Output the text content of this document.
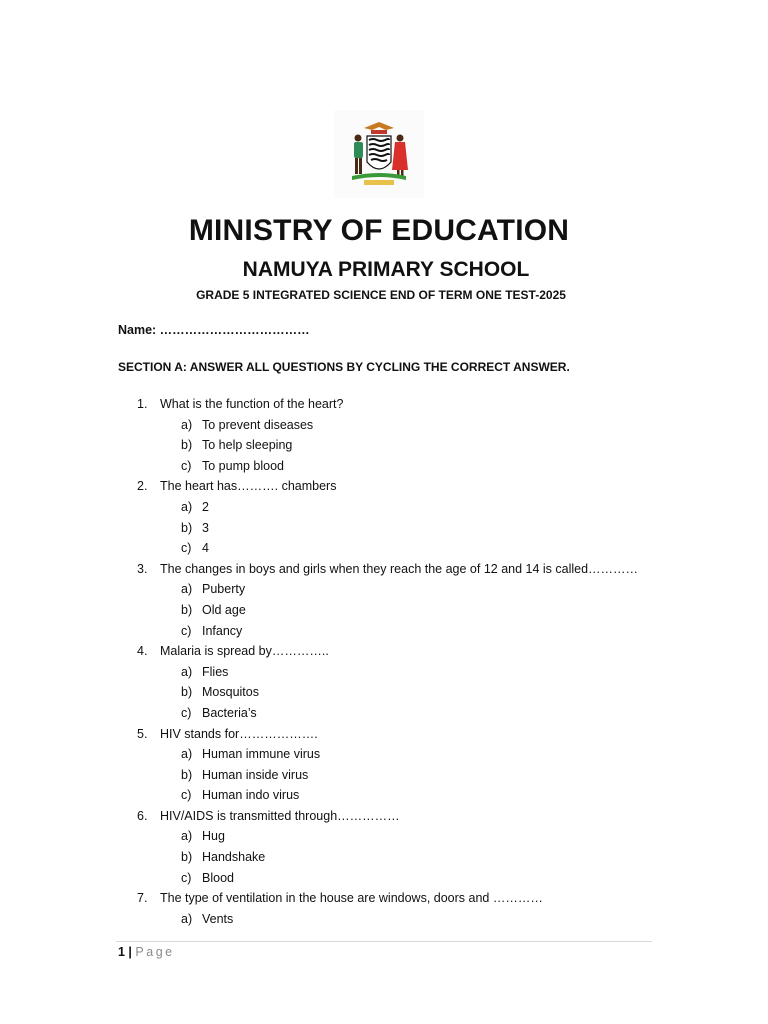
MINISTRY OF EDUCATION
NAMUYA PRIMARY SCHOOL
GRADE 5 INTEGRATED SCIENCE END OF TERM ONE TEST-2025
Name: ………………………………
SECTION A: ANSWER ALL QUESTIONS BY CYCLING THE CORRECT ANSWER.
1. What is the function of the heart?
a) To prevent diseases
b) To help sleeping
c) To pump blood
2. The heart has………. chambers
a) 2
b) 3
c) 4
3. The changes in boys and girls when they reach the age of 12 and 14 is called…………
a) Puberty
b) Old age
c) Infancy
4. Malaria is spread by…………..
a) Flies
b) Mosquitos
c) Bacteria’s
5. HIV stands for……………….
a) Human immune virus
b) Human inside virus
c) Human indo virus
6. HIV/AIDS is transmitted through……………
a) Hug
b) Handshake
c) Blood
7. The type of ventilation in the house are windows, doors and …………
a) Vents
1 | Page
